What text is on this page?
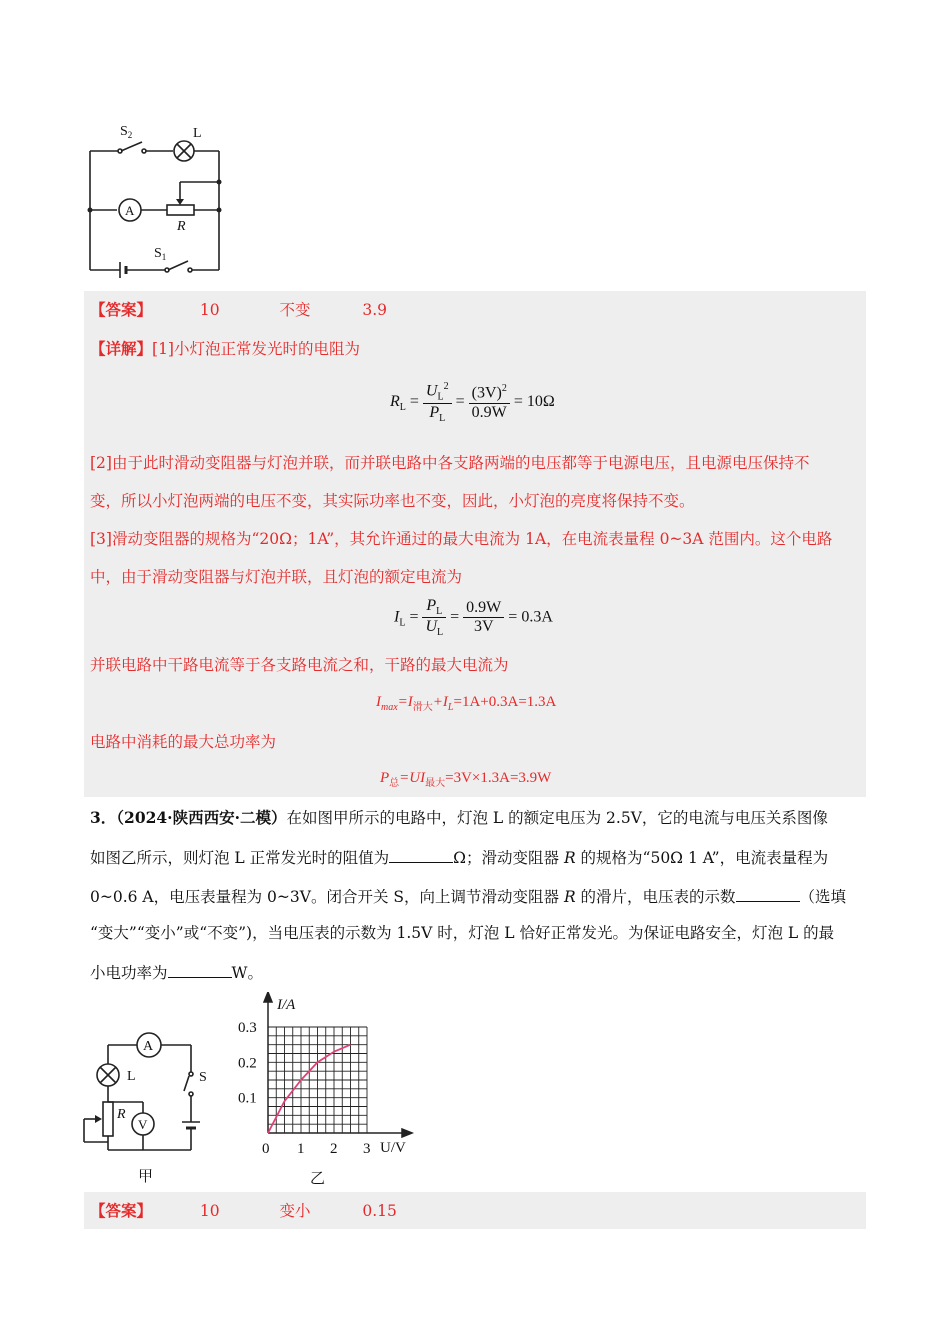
$S_2$	L
A
R
$S_1$
【答案】	10	不变	3.9
【详解】[1]小灯泡正常发光时的电阻为
$R_L = \frac{U_L^2}{P_L} = \frac{(3V)^2}{0.9W} = 10\Omega$
[2]由于此时滑动变阻器与灯泡并联，而并联电路中各支路两端的电压都等于电源电压，且电源电压保持不
变，所以小灯泡两端的电压不变，其实际功率也不变，因此，小灯泡的亮度将保持不变。
[3]滑动变阻器的规格为“20Ω；1A”，其允许通过的最大电流为 1A，在电流表量程 0~3A 范围内。这个电路
中，由于滑动变阻器与灯泡并联，且灯泡的额定电流为
$I_L = \frac{P_L}{U_L} = \frac{0.9W}{3V} = 0.3A$
并联电路中干路电流等于各支路电流之和，干路的最大电流为
$I_{max}=I_{滑大}+I_L=1A+0.3A=1.3A$
电路中消耗的最大总功率为
$P_总=UI_{最大}=3V\times 1.3A=3.9W$
3．（2024·陕西西安·二模）在如图甲所示的电路中，灯泡 L 的额定电压为 2.5V，它的电流与电压关系图像
如图乙所示，则灯泡 L 正常发光时的阻值为	Ω；滑动变阻器 R 的规格为“50Ω 1 A”，电流表量程为
0~0.6 A，电压表量程为 0~3V。闭合开关 S，向上调节滑动变阻器 R 的滑片，电压表的示数	（选填
“变大”“变小”或“不变”)，当电压表的示数为 1.5V 时，灯泡 L 恰好正常发光。为保证电路安全，灯泡 L 的最
小电功率为	W。
A
L	S
R
V
甲
0 1 2 3
0.1
0.2
0.3
I/A
U/V
乙
【答案】	10	变小	0.15
